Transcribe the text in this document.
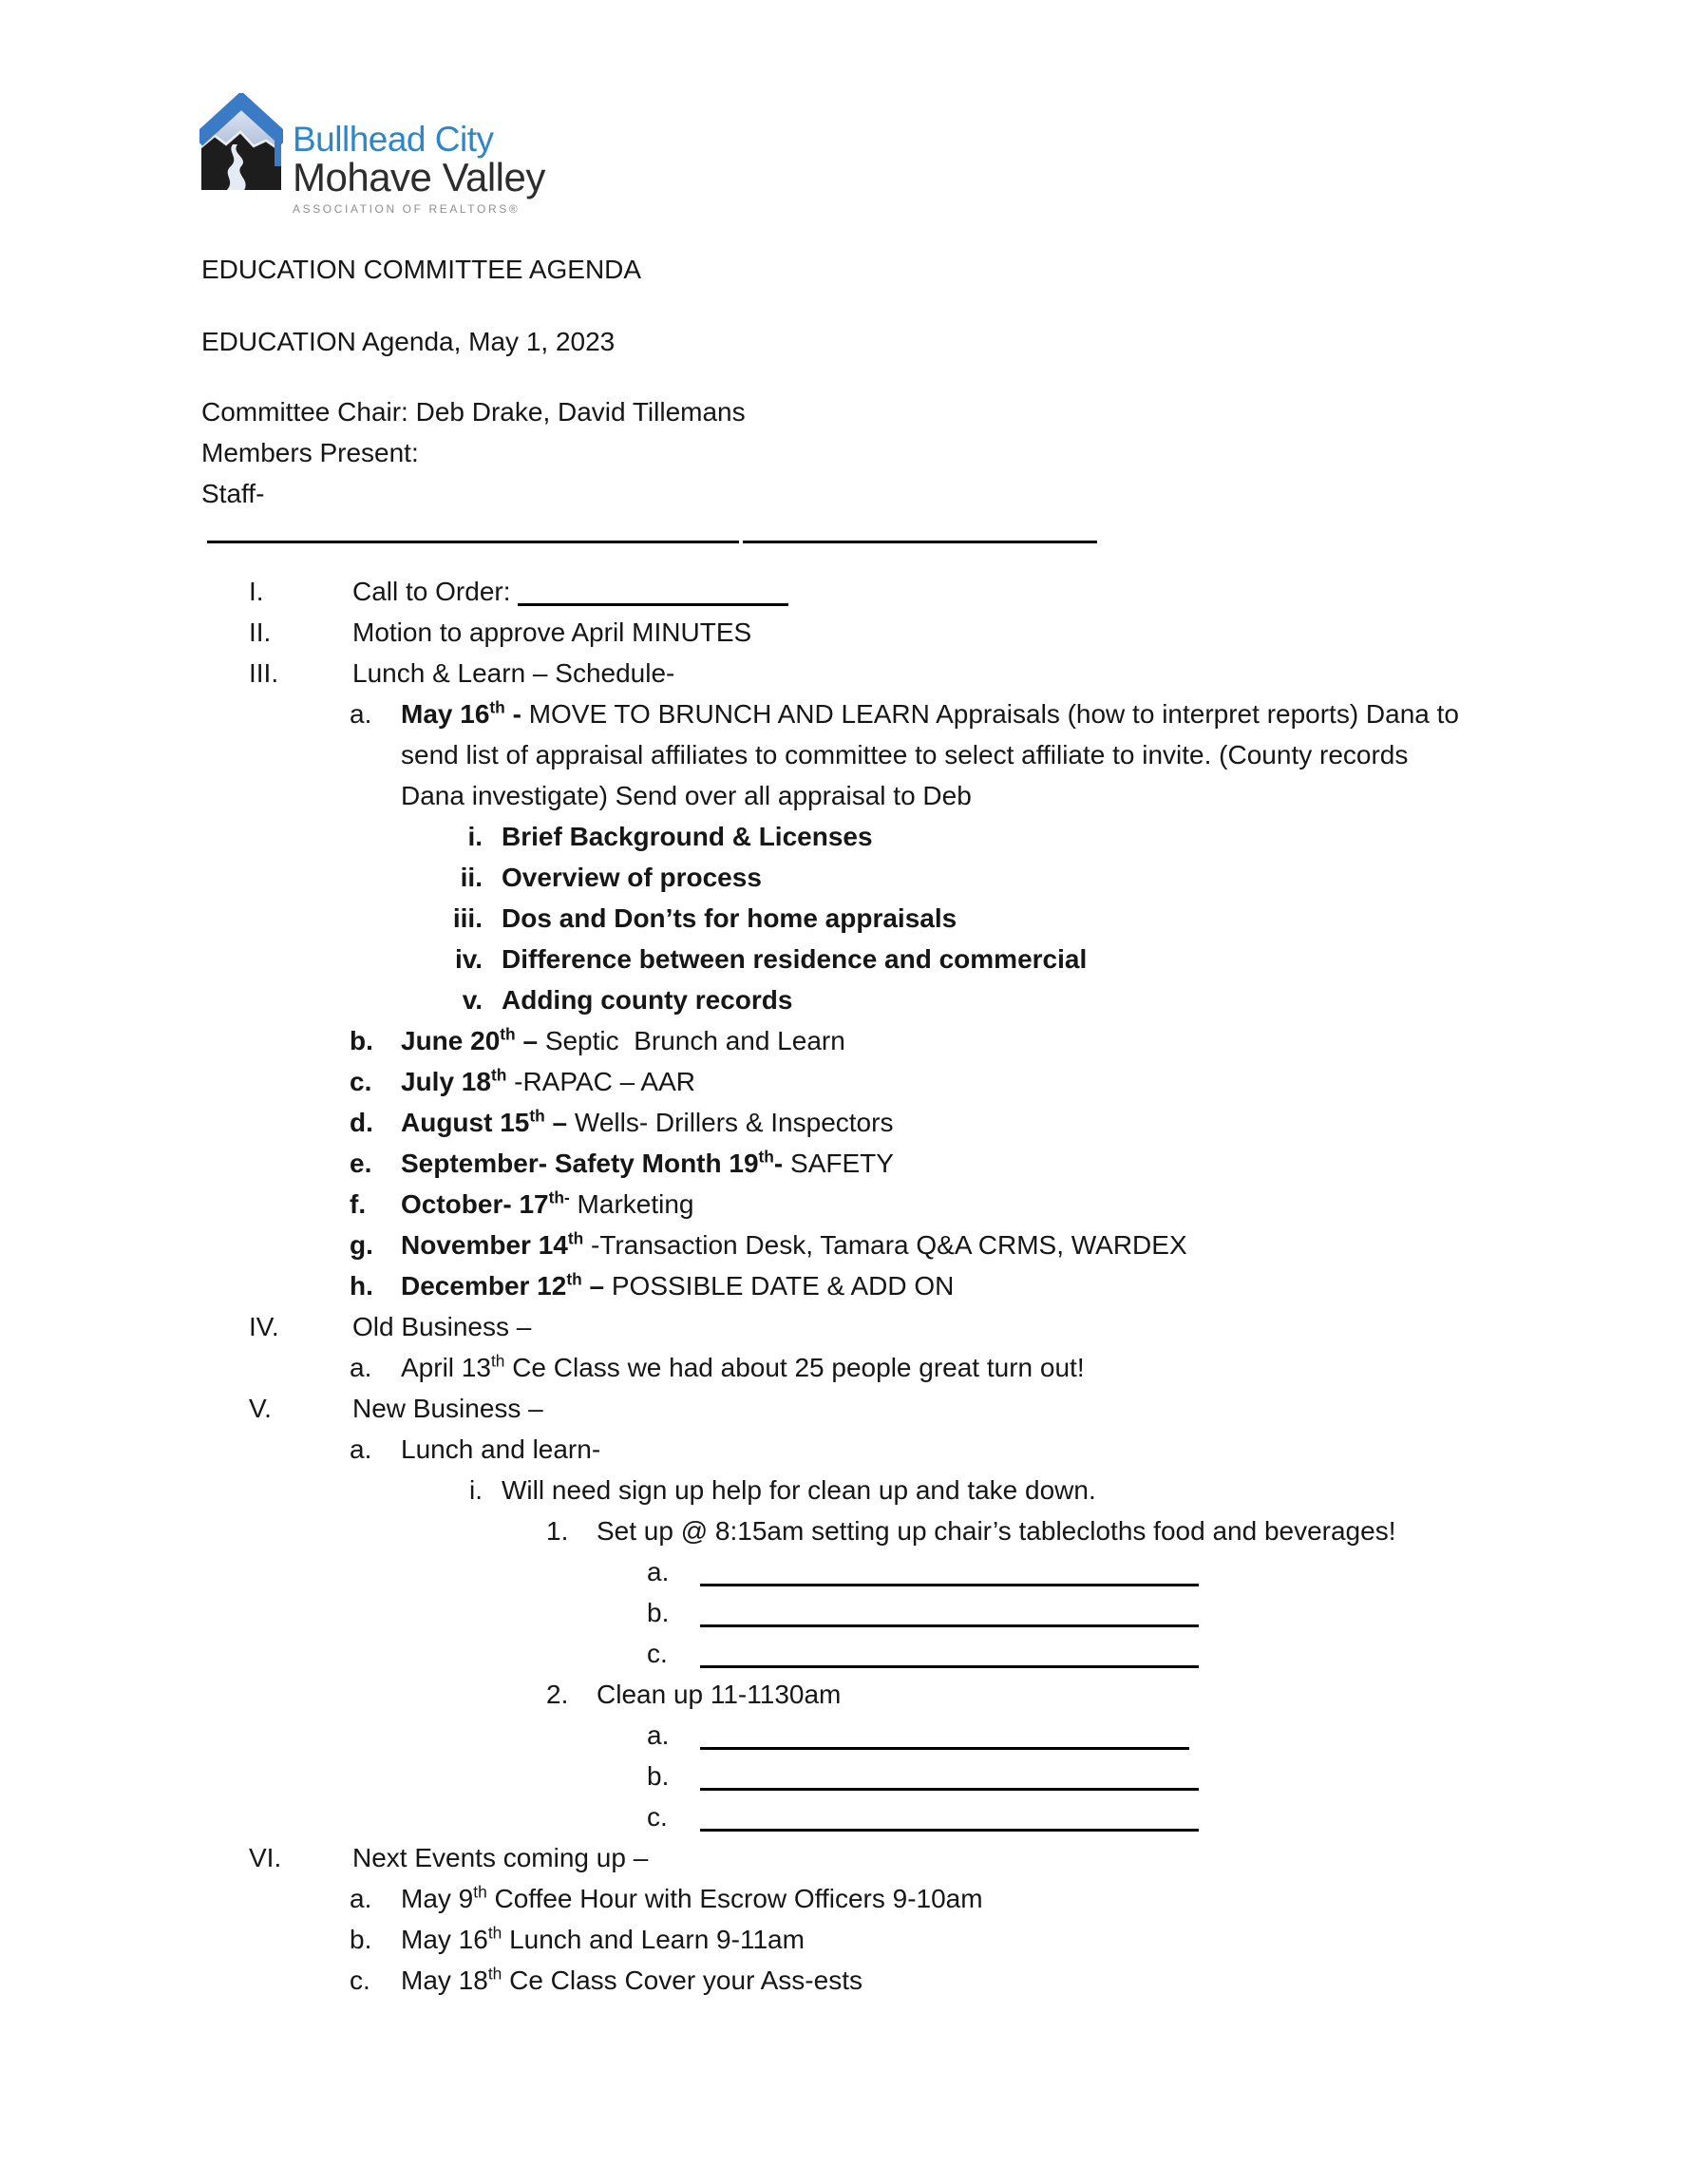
Bullhead City
Mohave Valley
ASSOCIATION OF REALTORS®
EDUCATION COMMITTEE AGENDA
EDUCATION Agenda, May 1, 2023
Committee Chair: Deb Drake, David Tillemans
Members Present:
Staff-
I.	Call to Order:
II.	Motion to approve April MINUTES
III.	Lunch & Learn – Schedule-
a.	May 16th - MOVE TO BRUNCH AND LEARN Appraisals (how to interpret reports) Dana to
send list of appraisal affiliates to committee to select affiliate to invite. (County records
Dana investigate) Send over all appraisal to Deb
i. Brief Background & Licenses
ii. Overview of process
iii. Dos and Don’ts for home appraisals
iv. Difference between residence and commercial
v. Adding county records
b.	June 20th – Septic  Brunch and Learn
c.	July 18th -RAPAC – AAR
d.	August 15th – Wells- Drillers & Inspectors
e.	September- Safety Month 19th- SAFETY
f.	October- $17^{th-}$ Marketing
g.	November 14th -Transaction Desk, Tamara Q&A CRMS, WARDEX
h.	December 12th – POSSIBLE DATE & ADD ON
IV.	Old Business –
a.	April 13th Ce Class we had about 25 people great turn out!
V.	New Business –
a.	Lunch and learn-
i. Will need sign up help for clean up and take down.
1.	Set up @ 8:15am setting up chair’s tablecloths food and beverages!
a.
b.
c.
2.	Clean up 11-1130am
a.
b.
c.
VI.	Next Events coming up –
a.	May 9th Coffee Hour with Escrow Officers 9-10am
b.	May 16th Lunch and Learn 9-11am
c.	May 18th Ce Class Cover your Ass-ests
